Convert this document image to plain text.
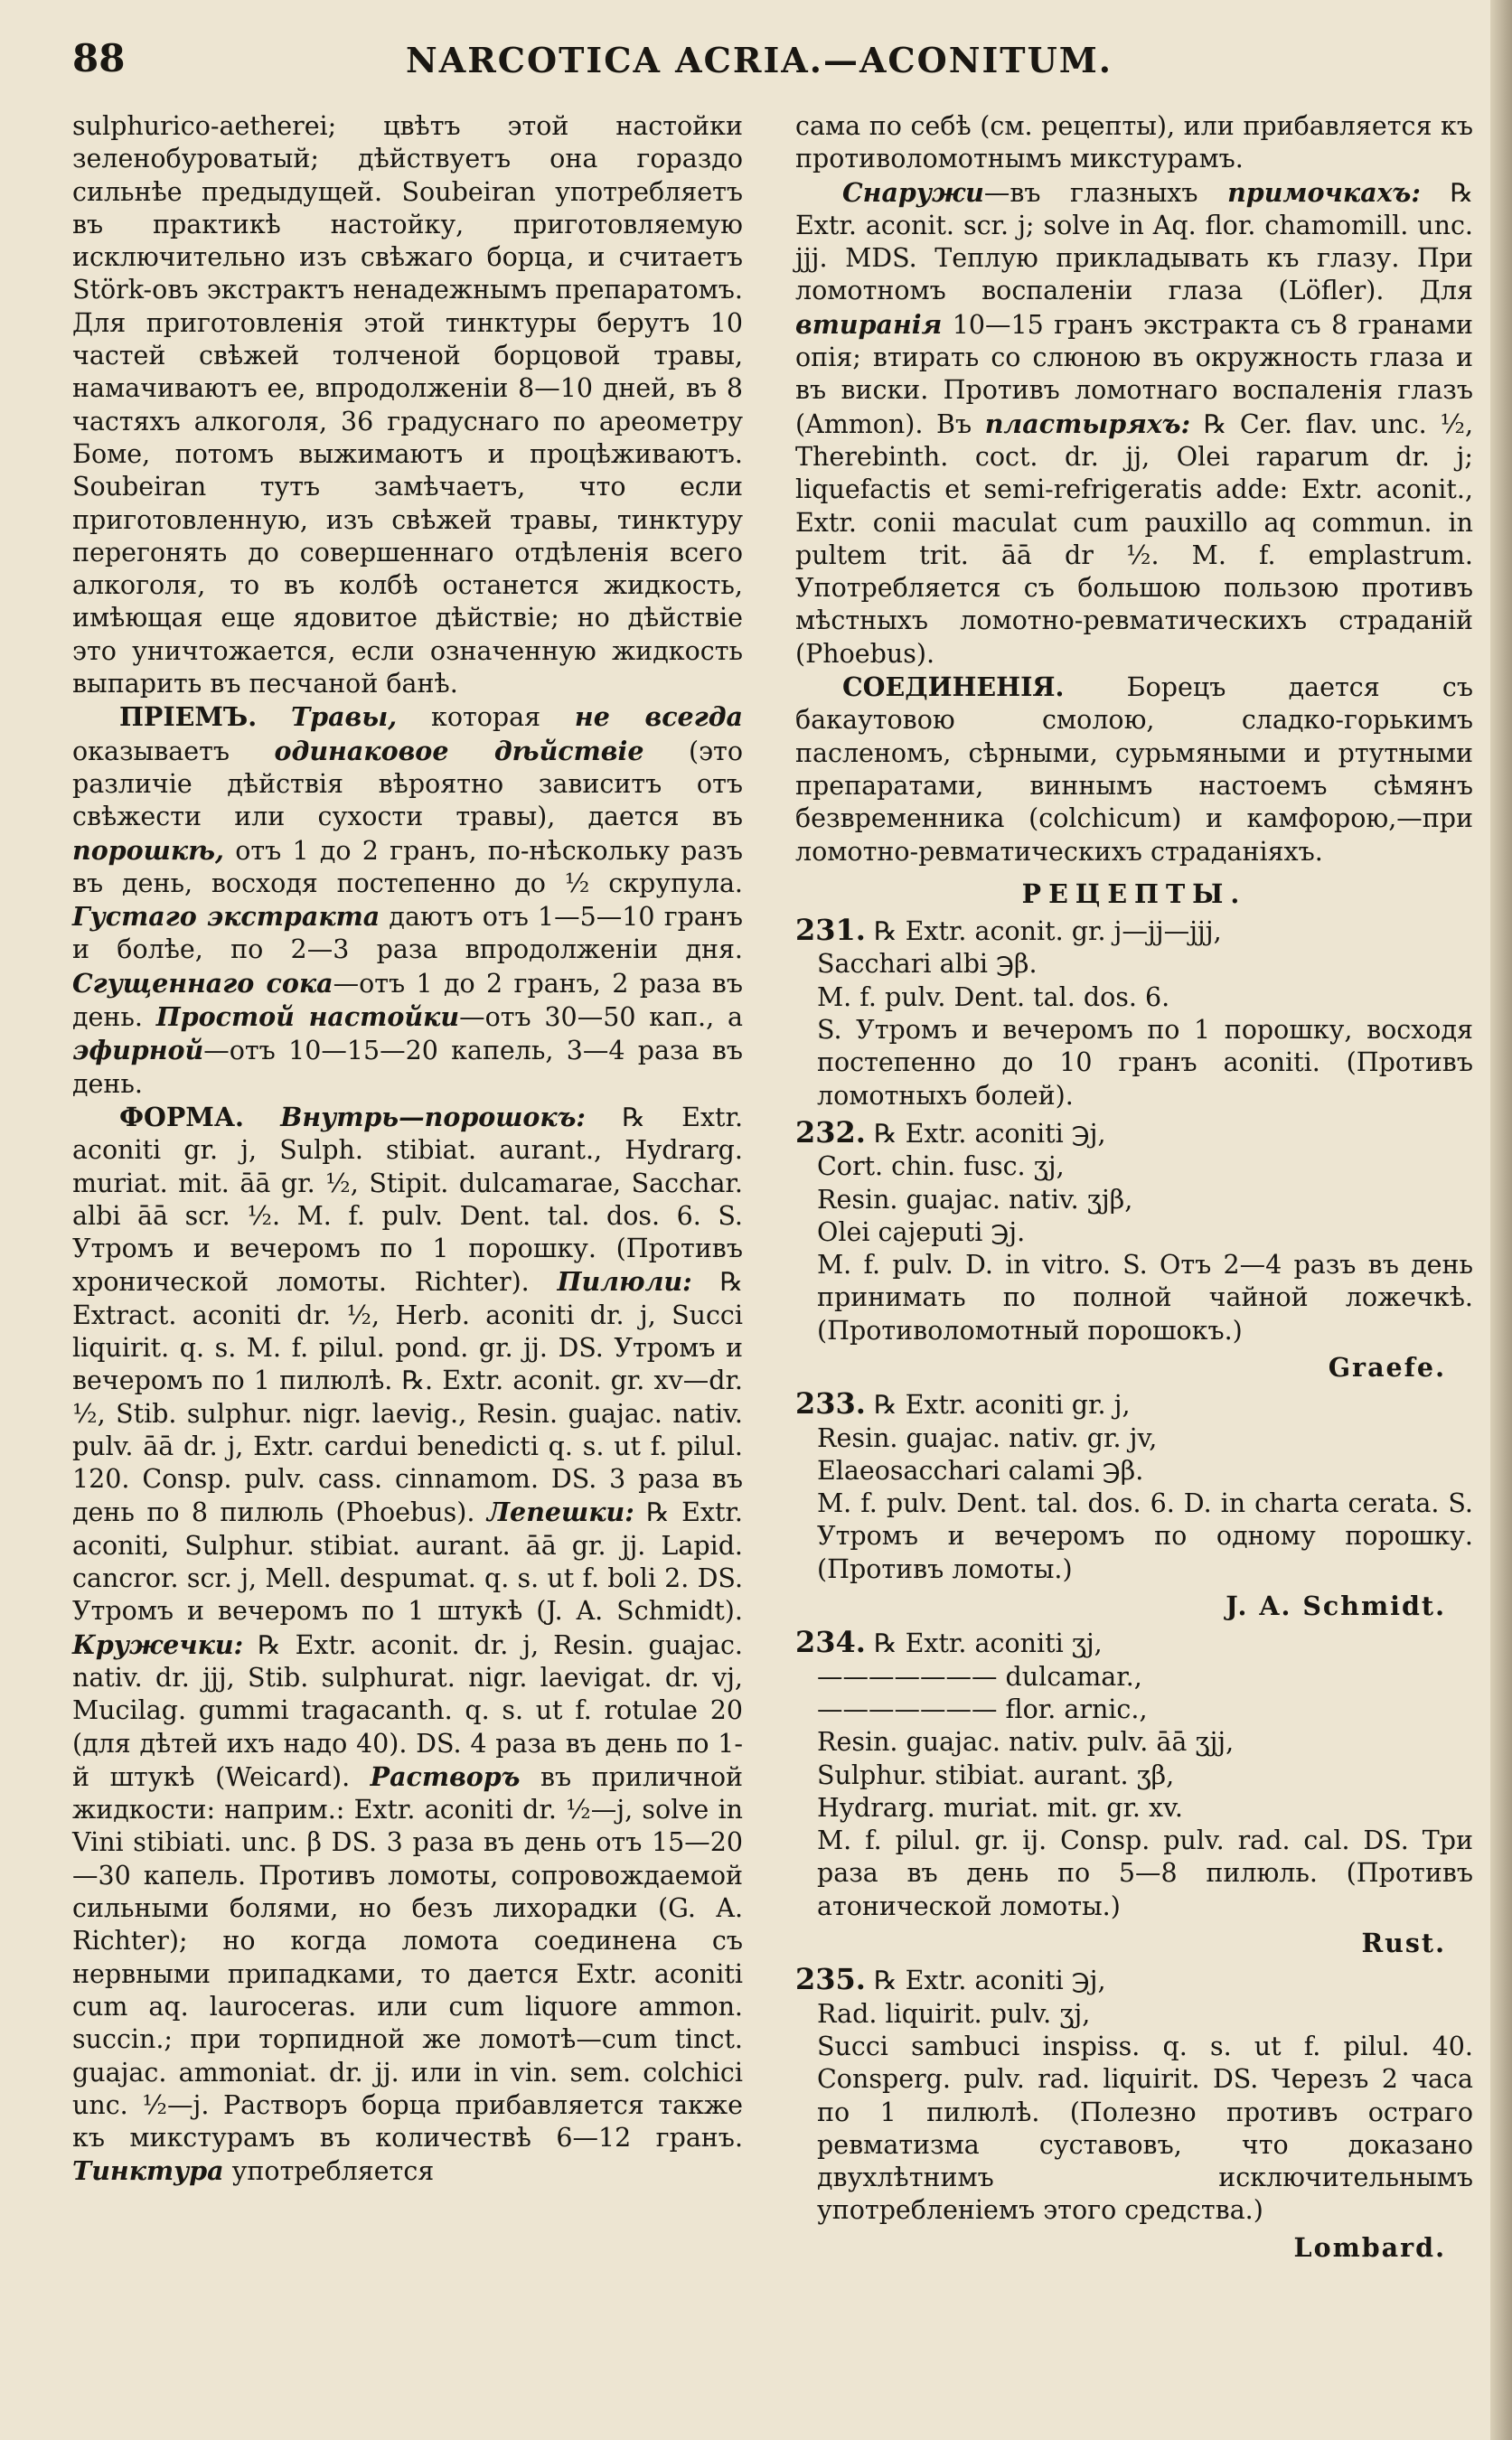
88	NARCOTICA ACRIA.—ACONITUM.

sulphurico-aetherei; цвѣтъ этой настойки зеленобуроватый; дѣйствуетъ она гораздо сильнѣе предыдущей. Soubeiran употребляетъ въ практикѣ настойку, приготовляемую исключительно изъ свѣжаго борца, и считаетъ Störk-овъ экстрактъ ненадежнымъ препаратомъ. Для приготовленія этой тинктуры берутъ 10 частей свѣжей толченой борцовой травы, намачиваютъ ее, впродолженіи 8—10 дней, въ 8 частяхъ алкоголя, 36 градуснаго по ареометру Боме, потомъ выжимаютъ и процѣживаютъ. Soubeiran тутъ замѣчаетъ, что если приготовленную, изъ свѣжей травы, тинктуру перегонять до совершеннаго отдѣленія всего алкоголя, то въ колбѣ останется жидкость, имѣющая еще ядовитое дѣйствіе; но дѣйствіе это уничтожается, если означенную жидкость выпарить въ песчаной банѣ.

ПРІЕМЪ. Травы, которая не всегда оказываетъ одинаковое дѣйствіе (это различіе дѣйствія вѣроятно зависитъ отъ свѣжести или сухости травы), дается въ порошкѣ, отъ 1 до 2 гранъ, по-нѣскольку разъ въ день, восходя постепенно до ½ скрупула. Густаго экстракта даютъ отъ 1—5—10 гранъ и болѣе, по 2—3 раза впродолженіи дня. Сгущеннаго сока—отъ 1 до 2 гранъ, 2 раза въ день. Простой настойки—отъ 30—50 кап., а эфирной—отъ 10—15—20 капель, 3—4 раза въ день.

ФОРМА. Внутрь—порошокъ: ℞ Extr. aconiti gr. j, Sulph. stibiat. aurant., Hydrarg. muriat. mit. āā gr. ½, Stipit. dulcamarae, Sacchar. albi āā scr. ½. M. f. pulv. Dent. tal. dos. 6. S. Утромъ и вечеромъ по 1 порошку. (Противъ хронической ломоты. Richter). Пилюли: ℞ Extract. aconiti dr. ½, Herb. aconiti dr. j, Succi liquirit. q. s. M. f. pilul. pond. gr. jj. DS. Утромъ и вечеромъ по 1 пилюлѣ. ℞. Extr. aconit. gr. xv—dr. ½, Stib. sulphur. nigr. laevig., Resin. guajac. nativ. pulv. āā dr. j, Extr. cardui benedicti q. s. ut f. pilul. 120. Consp. pulv. cass. cinnamom. DS. 3 раза въ день по 8 пилюль (Phoebus). Лепешки: ℞ Extr. aconiti, Sulphur. stibiat. aurant. āā gr. jj. Lapid. cancror. scr. j, Mell. despumat. q. s. ut f. boli 2. DS. Утромъ и вечеромъ по 1 штукѣ (J. A. Schmidt). Кружечки: ℞ Extr. aconit. dr. j, Resin. guajac. nativ. dr. jjj, Stib. sulphurat. nigr. laevigat. dr. vj, Mucilag. gummi tragacanth. q. s. ut f. rotulae 20 (для дѣтей ихъ надо 40). DS. 4 раза въ день по 1-й штукѣ (Weicard). Растворъ въ приличной жидкости: наприм.: Extr. aconiti dr. ½—j, solve in Vini stibiati. unc. β DS. 3 раза въ день отъ 15—20—30 капель. Противъ ломоты, сопровождаемой сильными болями, но безъ лихорадки (G. A. Richter); но когда ломота соединена съ нервными припадками, то дается Extr. aconiti cum aq. lauroceras. или cum liquore ammon. succin.; при торпидной же ломотѣ—cum tinct. guajac. ammoniat. dr. jj. или in vin. sem. colchici unc. ½—j. Растворъ борца прибавляется также къ микстурамъ въ количествѣ 6—12 гранъ. Тинктура употребляется

сама по себѣ (см. рецепты), или прибавляется къ противоломотнымъ микстурамъ.

Снаружи—въ глазныхъ примочкахъ: ℞ Extr. aconit. scr. j; solve in Aq. flor. chamomill. unc. jjj. MDS. Теплую прикладывать къ глазу. При ломотномъ воспаленіи глаза (Löfler). Для втиранія 10—15 гранъ экстракта съ 8 гранами опія; втирать со слюною въ окружность глаза и въ виски. Противъ ломотнаго воспаленія глазъ (Ammon). Въ пластыряхъ: ℞ Cer. flav. unc. ½, Therebinth. coct. dr. jj, Olei raparum dr. j; liquefactis et semi-refrigeratis adde: Extr. aconit., Extr. conii maculat cum pauxillo aq commun. in pultem trit. āā dr ½. M. f. emplastrum. Употребляется съ большою пользою противъ мѣстныхъ ломотно-ревматическихъ страданій (Phoebus).

СОЕДИНЕНІЯ. Борецъ дается съ бакаутовою смолою, сладко-горькимъ пасленомъ, сѣрными, сурьмяными и ртутными препаратами, виннымъ настоемъ сѣмянъ безвременника (colchicum) и камфорою,—при ломотно-ревматическихъ страданіяхъ.

РЕЦЕПТЫ.
231. ℞ Extr. aconit. gr. j—jj—jjj,
Sacchari albi ℈β.
M. f. pulv. Dent. tal. dos. 6.
S. Утромъ и вечеромъ по 1 порошку, восходя постепенно до 10 гранъ aconiti. (Противъ ломотныхъ болей).
232. ℞ Extr. aconiti ℈j,
Cort. chin. fusc. ʒj,
Resin. guajac. nativ. ʒjβ,
Olei cajeputi ℈j.
M. f. pulv. D. in vitro. S. Отъ 2—4 разъ въ день принимать по полной чайной ложечкѣ. (Противоломотный порошокъ.)
Graefe.
233. ℞ Extr. aconiti gr. j,
Resin. guajac. nativ. gr. jv,
Elaeosacchari calami ℈β.
M. f. pulv. Dent. tal. dos. 6. D. in charta cerata. S. Утромъ и вечеромъ по одному порошку. (Противъ ломоты.)
J. A. Schmidt.
234. ℞ Extr. aconiti ʒj,
——————— dulcamar.,
——————— flor. arnic.,
Resin. guajac. nativ. pulv. āā ʒjj,
Sulphur. stibiat. aurant. ʒβ,
Hydrarg. muriat. mit. gr. xv.
M. f. pilul. gr. ij. Consp. pulv. rad. cal. DS. Три раза въ день по 5—8 пилюль. (Противъ атонической ломоты.)
Rust.
235. ℞ Extr. aconiti ℈j,
Rad. liquirit. pulv. ʒj,
Succi sambuci inspiss. q. s. ut f. pilul. 40. Consperg. pulv. rad. liquirit. DS. Черезъ 2 часа по 1 пилюлѣ. (Полезно противъ остраго ревматизма суставовъ, что доказано двухлѣтнимъ исключительнымъ употребленіемъ этого средства.)
Lombard.
